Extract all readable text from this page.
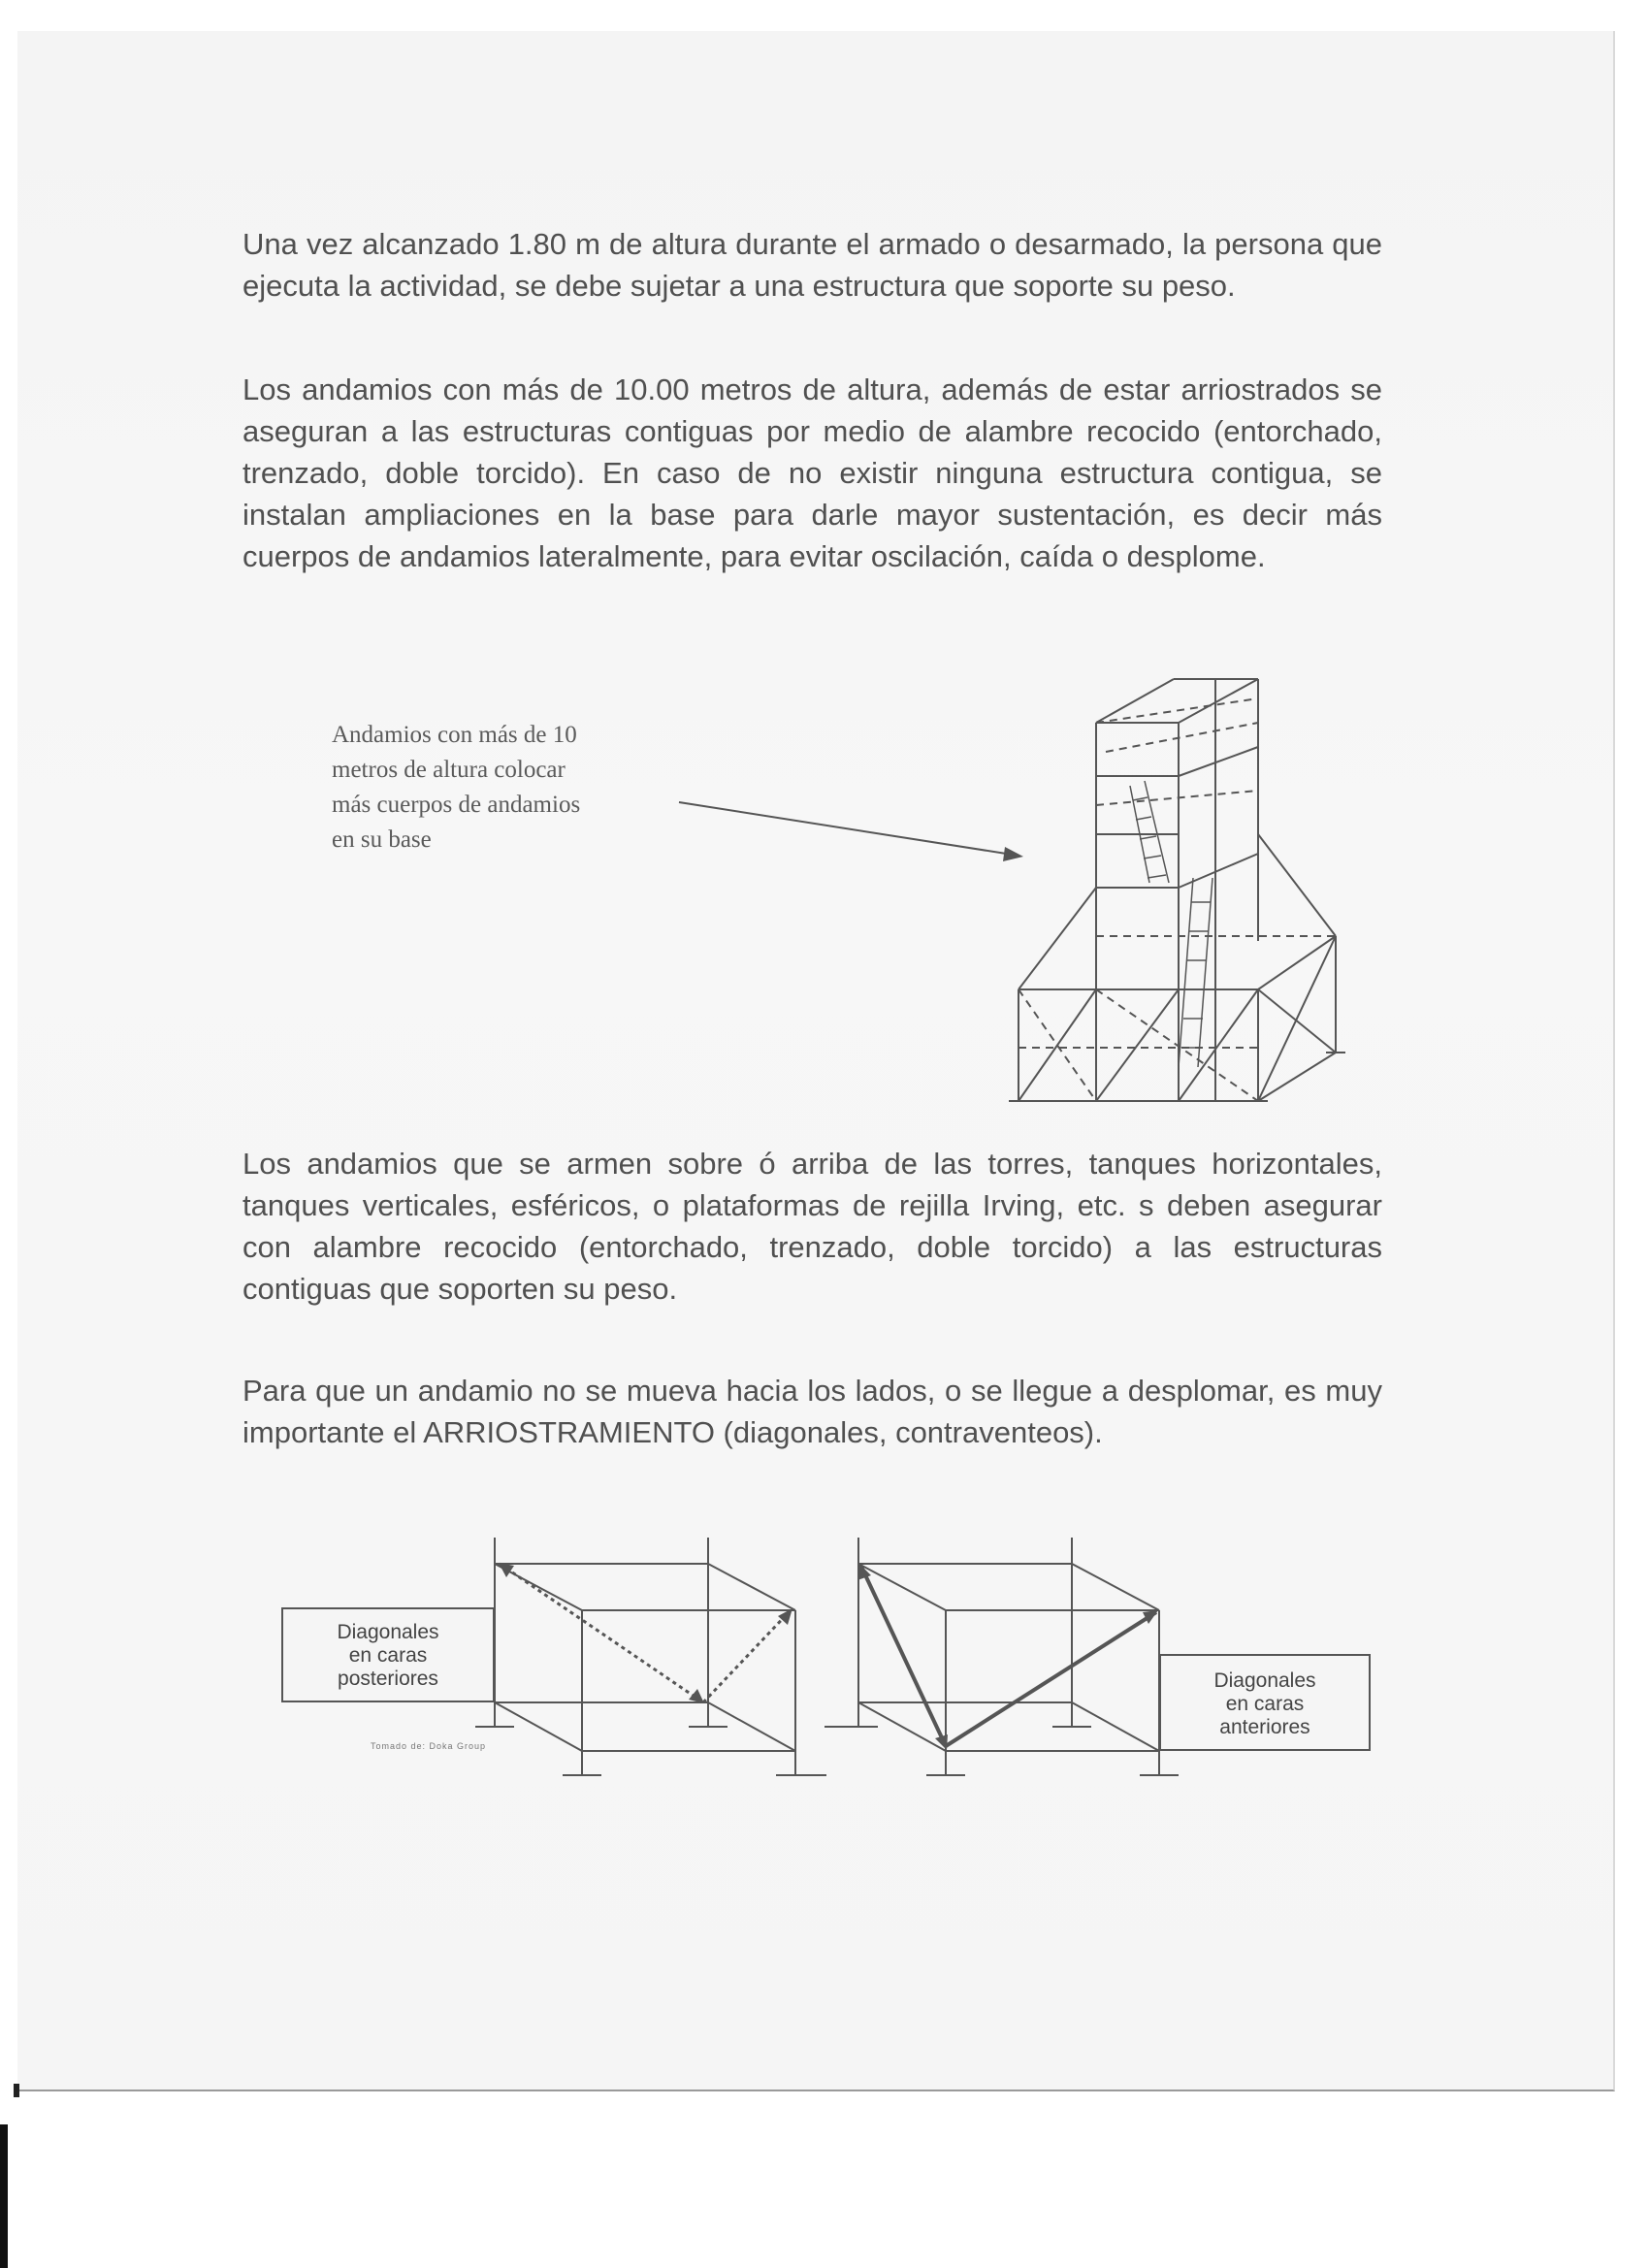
Una vez alcanzado 1.80 m de altura durante el armado o desarmado, la persona que ejecuta la actividad, se debe sujetar a una estructura que soporte su peso.

Los andamios con más de 10.00 metros de altura, además de estar arriostrados se aseguran a las estructuras contiguas por medio de alambre recocido (entorchado, trenzado, doble torcido). En caso de no existir ninguna estructura contigua, se instalan ampliaciones en la base para darle mayor sustentación, es decir más cuerpos de andamios lateralmente, para evitar oscilación, caída o desplome.

Andamios con más de 10
metros de altura colocar
más cuerpos de andamios
en su base

Los andamios que se armen sobre ó arriba de las torres, tanques horizontales, tanques verticales, esféricos, o plataformas de rejilla Irving, etc. s deben asegurar con alambre recocido (entorchado, trenzado, doble torcido) a las estructuras contiguas que soporten su peso.

Para que un andamio no se mueva hacia los lados, o se llegue a desplomar, es muy importante el ARRIOSTRAMIENTO (diagonales, contraventeos).

Diagonales
en caras
posteriores	Diagonales
en caras
anteriores
Tomado de: Doka Group
